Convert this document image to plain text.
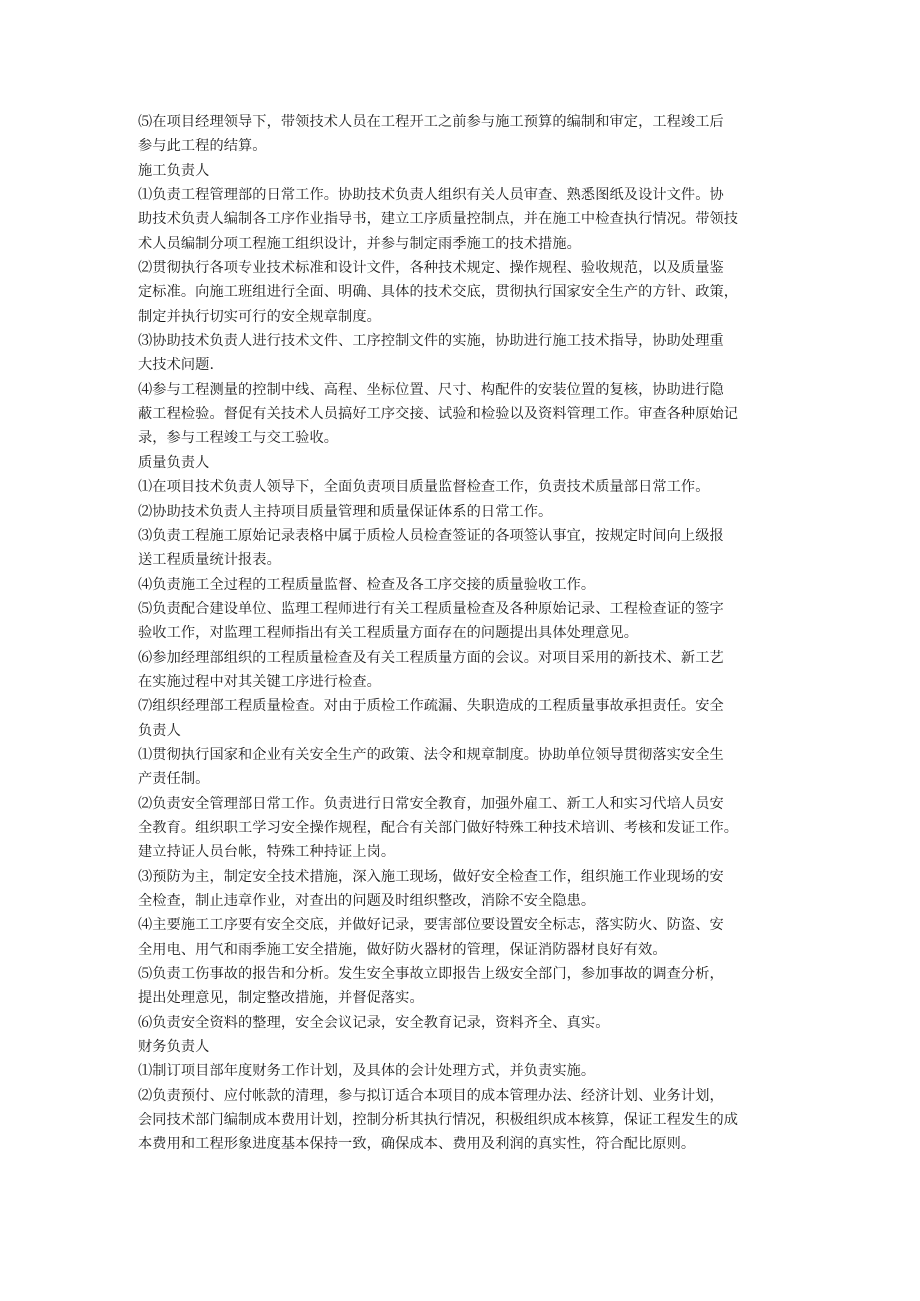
⑸在项目经理领导下，带领技术人员在工程开工之前参与施工预算的编制和审定，工程竣工后
参与此工程的结算。
施工负责人
⑴负责工程管理部的日常工作。协助技术负责人组织有关人员审查、熟悉图纸及设计文件。协
助技术负责人编制各工序作业指导书，建立工序质量控制点，并在施工中检查执行情况。带领技
术人员编制分项工程施工组织设计，并参与制定雨季施工的技术措施。
⑵贯彻执行各项专业技术标准和设计文件，各种技术规定、操作规程、验收规范，以及质量鉴
定标准。向施工班组进行全面、明确、具体的技术交底，贯彻执行国家安全生产的方针、政策，
制定并执行切实可行的安全规章制度。
⑶协助技术负责人进行技术文件、工序控制文件的实施，协助进行施工技术指导，协助处理重
大技术问题.
⑷参与工程测量的控制中线、高程、坐标位置、尺寸、构配件的安装位置的复核，协助进行隐
蔽工程检验。督促有关技术人员搞好工序交接、试验和检验以及资料管理工作。审查各种原始记
录，参与工程竣工与交工验收。
质量负责人
⑴在项目技术负责人领导下，全面负责项目质量监督检查工作，负责技术质量部日常工作。
⑵协助技术负责人主持项目质量管理和质量保证体系的日常工作。
⑶负责工程施工原始记录表格中属于质检人员检查签证的各项签认事宜，按规定时间向上级报
送工程质量统计报表。
⑷负责施工全过程的工程质量监督、检查及各工序交接的质量验收工作。
⑸负责配合建设单位、监理工程师进行有关工程质量检查及各种原始记录、工程检查证的签字
验收工作，对监理工程师指出有关工程质量方面存在的问题提出具体处理意见。
⑹参加经理部组织的工程质量检查及有关工程质量方面的会议。对项目采用的新技术、新工艺
在实施过程中对其关键工序进行检查。
⑺组织经理部工程质量检查。对由于质检工作疏漏、失职造成的工程质量事故承担责任。安全
负责人
⑴贯彻执行国家和企业有关安全生产的政策、法令和规章制度。协助单位领导贯彻落实安全生
产责任制。
⑵负责安全管理部日常工作。负责进行日常安全教育，加强外雇工、新工人和实习代培人员安
全教育。组织职工学习安全操作规程，配合有关部门做好特殊工种技术培训、考核和发证工作。
建立持证人员台帐，特殊工种持证上岗。
⑶预防为主，制定安全技术措施，深入施工现场，做好安全检查工作，组织施工作业现场的安
全检查，制止违章作业，对查出的问题及时组织整改，消除不安全隐患。
⑷主要施工工序要有安全交底，并做好记录，要害部位要设置安全标志，落实防火、防盗、安
全用电、用气和雨季施工安全措施，做好防火器材的管理，保证消防器材良好有效。
⑸负责工伤事故的报告和分析。发生安全事故立即报告上级安全部门，参加事故的调查分析，
提出处理意见，制定整改措施，并督促落实。
⑹负责安全资料的整理，安全会议记录，安全教育记录，资料齐全、真实。
财务负责人
⑴制订项目部年度财务工作计划，及具体的会计处理方式，并负责实施。
⑵负责预付、应付帐款的清理，参与拟订适合本项目的成本管理办法、经济计划、业务计划，
会同技术部门编制成本费用计划，控制分析其执行情况，积极组织成本核算，保证工程发生的成
本费用和工程形象进度基本保持一致，确保成本、费用及利润的真实性，符合配比原则。
